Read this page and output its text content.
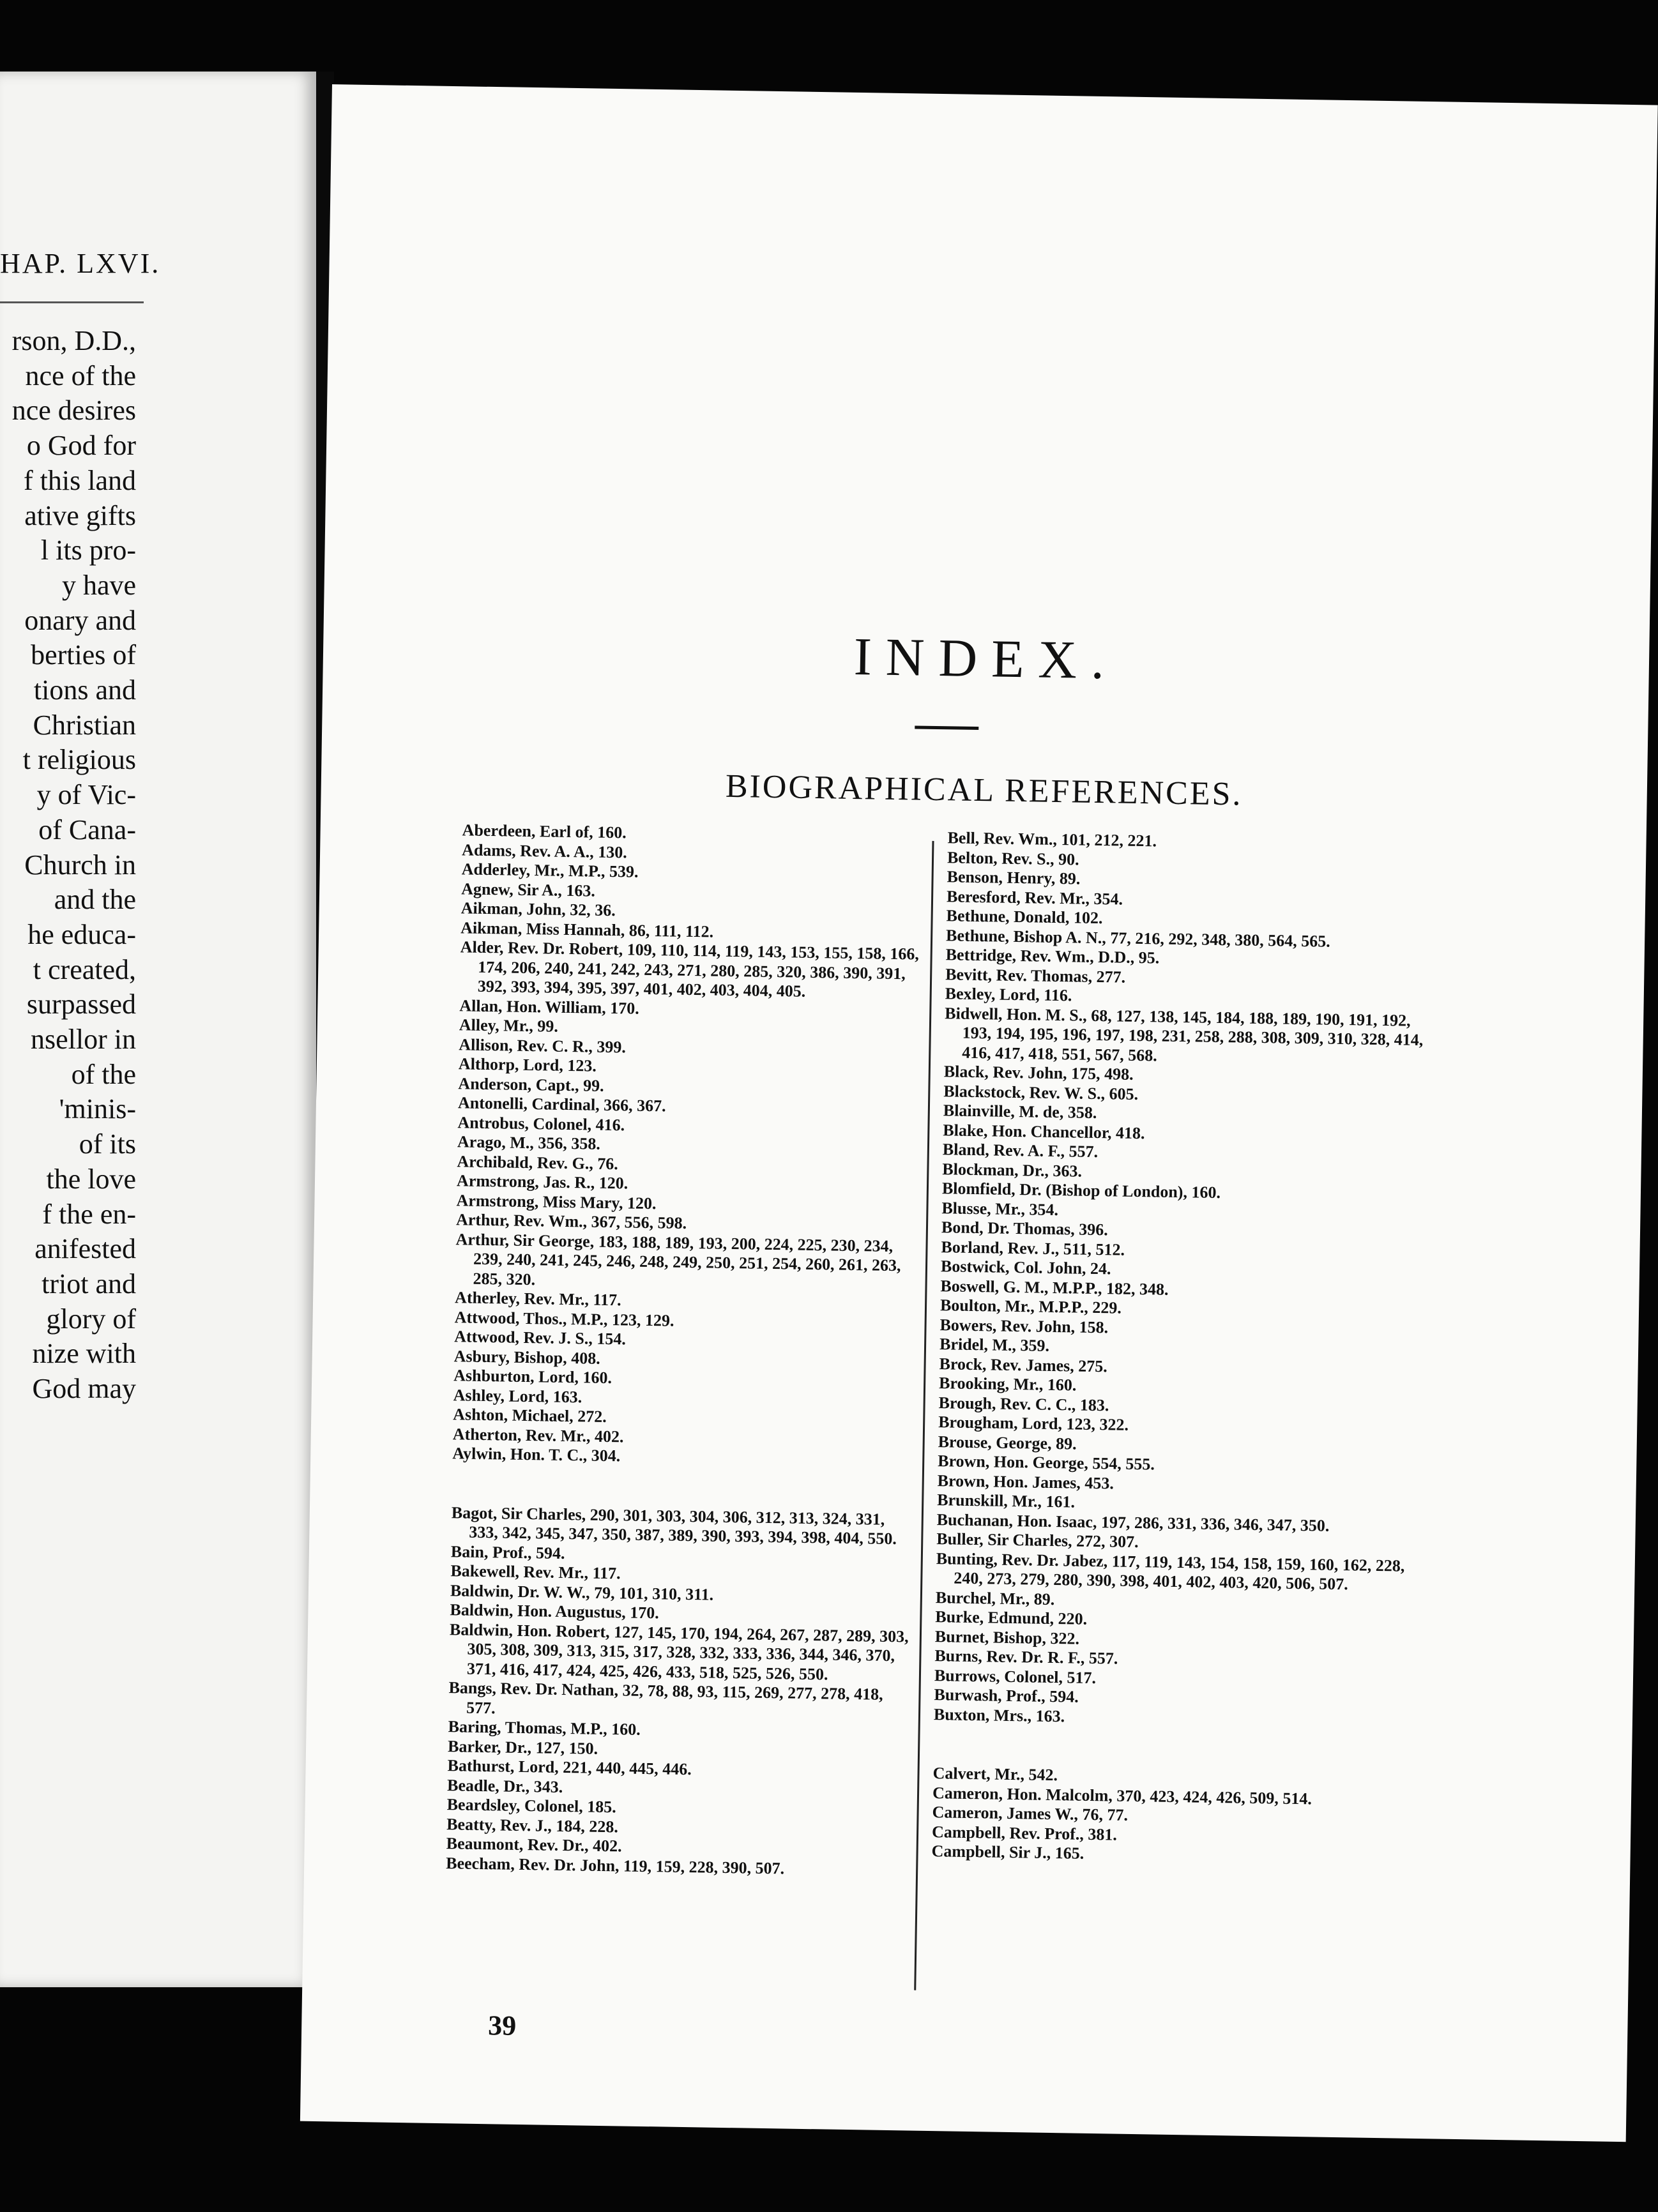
HAP. LXVI.
rson, D.D.,
nce of the
nce desires
o God for
f this land
ative gifts
l its pro-
y have
onary and
berties of
tions and
Christian
t religious
y of Vic-
of Cana-
Church in
and the
he educa-
t created,
surpassed
nsellor in
of the
'minis-
of its
the love
f the en-
anifested
triot and
glory of
nize with
God may
INDEX.
BIOGRAPHICAL REFERENCES.
Aberdeen, Earl of, 160.
Adams, Rev. A. A., 130.
Adderley, Mr., M.P., 539.
Agnew, Sir A., 163.
Aikman, John, 32, 36.
Aikman, Miss Hannah, 86, 111, 112.
Alder, Rev. Dr. Robert, 109, 110, 114, 119, 143, 153, 155, 158, 166, 174, 206, 240, 241, 242, 243, 271, 280, 285, 320, 386, 390, 391, 392, 393, 394, 395, 397, 401, 402, 403, 404, 405.
Allan, Hon. William, 170.
Alley, Mr., 99.
Allison, Rev. C. R., 399.
Althorp, Lord, 123.
Anderson, Capt., 99.
Antonelli, Cardinal, 366, 367.
Antrobus, Colonel, 416.
Arago, M., 356, 358.
Archibald, Rev. G., 76.
Armstrong, Jas. R., 120.
Armstrong, Miss Mary, 120.
Arthur, Rev. Wm., 367, 556, 598.
Arthur, Sir George, 183, 188, 189, 193, 200, 224, 225, 230, 234, 239, 240, 241, 245, 246, 248, 249, 250, 251, 254, 260, 261, 263, 285, 320.
Atherley, Rev. Mr., 117.
Attwood, Thos., M.P., 123, 129.
Attwood, Rev. J. S., 154.
Asbury, Bishop, 408.
Ashburton, Lord, 160.
Ashley, Lord, 163.
Ashton, Michael, 272.
Atherton, Rev. Mr., 402.
Aylwin, Hon. T. C., 304.
Bagot, Sir Charles, 290, 301, 303, 304, 306, 312, 313, 324, 331, 333, 342, 345, 347, 350, 387, 389, 390, 393, 394, 398, 404, 550.
Bain, Prof., 594.
Bakewell, Rev. Mr., 117.
Baldwin, Dr. W. W., 79, 101, 310, 311.
Baldwin, Hon. Augustus, 170.
Baldwin, Hon. Robert, 127, 145, 170, 194, 264, 267, 287, 289, 303, 305, 308, 309, 313, 315, 317, 328, 332, 333, 336, 344, 346, 370, 371, 416, 417, 424, 425, 426, 433, 518, 525, 526, 550.
Bangs, Rev. Dr. Nathan, 32, 78, 88, 93, 115, 269, 277, 278, 418, 577.
Baring, Thomas, M.P., 160.
Barker, Dr., 127, 150.
Bathurst, Lord, 221, 440, 445, 446.
Beadle, Dr., 343.
Beardsley, Colonel, 185.
Beatty, Rev. J., 184, 228.
Beaumont, Rev. Dr., 402.
Beecham, Rev. Dr. John, 119, 159, 228, 390, 507.
Bell, Rev. Wm., 101, 212, 221.
Belton, Rev. S., 90.
Benson, Henry, 89.
Beresford, Rev. Mr., 354.
Bethune, Donald, 102.
Bethune, Bishop A. N., 77, 216, 292, 348, 380, 564, 565.
Bettridge, Rev. Wm., D.D., 95.
Bevitt, Rev. Thomas, 277.
Bexley, Lord, 116.
Bidwell, Hon. M. S., 68, 127, 138, 145, 184, 188, 189, 190, 191, 192, 193, 194, 195, 196, 197, 198, 231, 258, 288, 308, 309, 310, 328, 414, 416, 417, 418, 551, 567, 568.
Black, Rev. John, 175, 498.
Blackstock, Rev. W. S., 605.
Blainville, M. de, 358.
Blake, Hon. Chancellor, 418.
Bland, Rev. A. F., 557.
Blockman, Dr., 363.
Blomfield, Dr. (Bishop of London), 160.
Blusse, Mr., 354.
Bond, Dr. Thomas, 396.
Borland, Rev. J., 511, 512.
Bostwick, Col. John, 24.
Boswell, G. M., M.P.P., 182, 348.
Boulton, Mr., M.P.P., 229.
Bowers, Rev. John, 158.
Bridel, M., 359.
Brock, Rev. James, 275.
Brooking, Mr., 160.
Brough, Rev. C. C., 183.
Brougham, Lord, 123, 322.
Brouse, George, 89.
Brown, Hon. George, 554, 555.
Brown, Hon. James, 453.
Brunskill, Mr., 161.
Buchanan, Hon. Isaac, 197, 286, 331, 336, 346, 347, 350.
Buller, Sir Charles, 272, 307.
Bunting, Rev. Dr. Jabez, 117, 119, 143, 154, 158, 159, 160, 162, 228, 240, 273, 279, 280, 390, 398, 401, 402, 403, 420, 506, 507.
Burchel, Mr., 89.
Burke, Edmund, 220.
Burnet, Bishop, 322.
Burns, Rev. Dr. R. F., 557.
Burrows, Colonel, 517.
Burwash, Prof., 594.
Buxton, Mrs., 163.
Calvert, Mr., 542.
Cameron, Hon. Malcolm, 370, 423, 424, 426, 509, 514.
Cameron, James W., 76, 77.
Campbell, Rev. Prof., 381.
Campbell, Sir J., 165.
39
